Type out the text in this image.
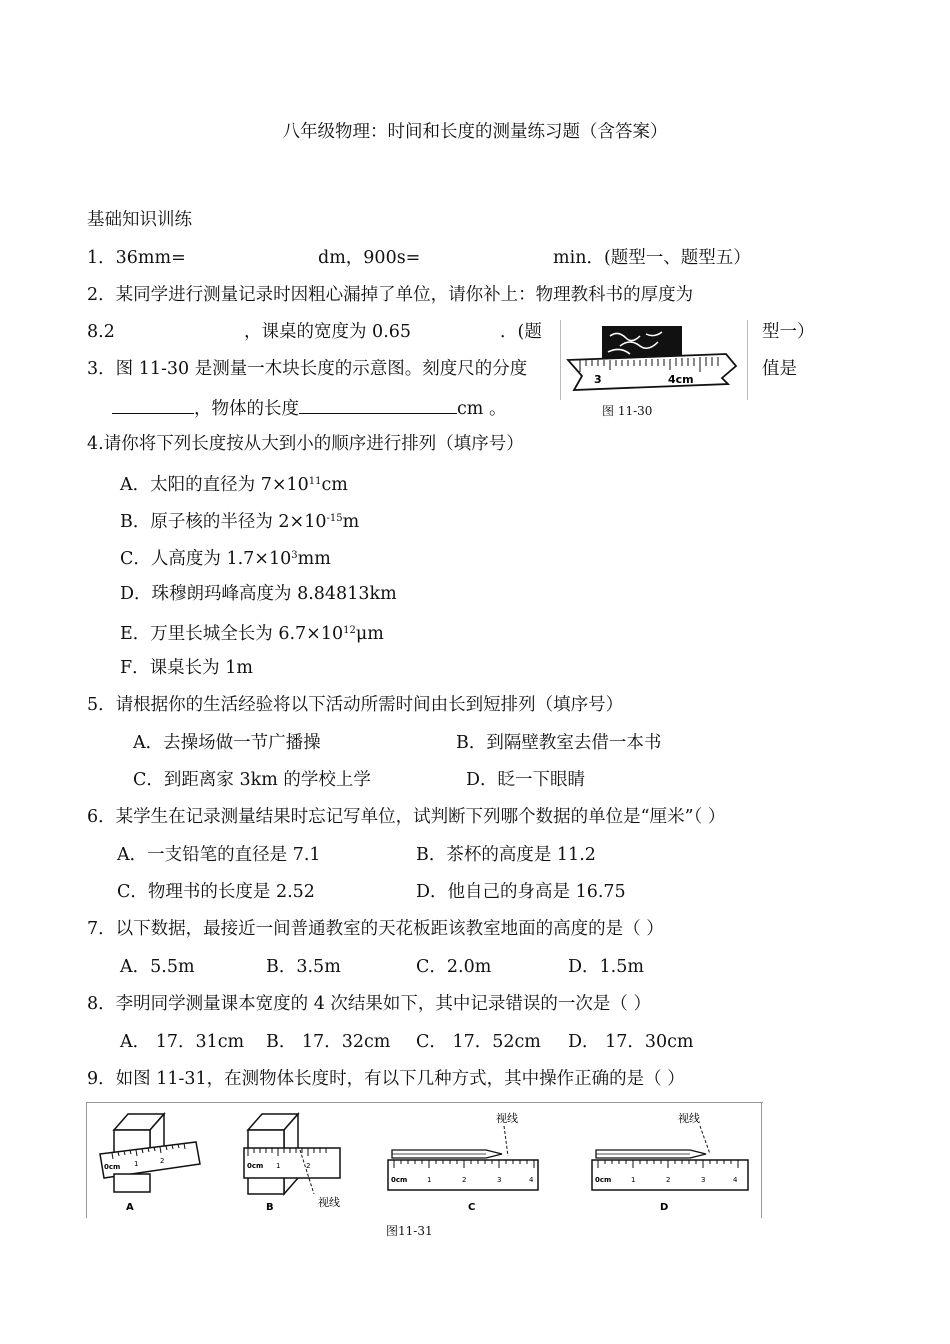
八年级物理：时间和长度的测量练习题（含答案）
基础知识训练
1．36mm=	dm，900s=	min．(题型一、题型五）
2．某同学进行测量记录时因粗心漏掉了单位，请你补上：物理教科书的厚度为
8.2	，课桌的宽度为 0.65	．(题	型一）
3．图 11-30 是测量一木块长度的示意图。刻度尺的分度	值是
，物体的长度	cm 。
3	4cm
图 11-30
4.请你将下列长度按从大到小的顺序进行排列（填序号）
A．太阳的直径为 $7\times 10^{11}cm$
B．原子核的半径为 $2\times 10^{-15}m$
C．人高度为 $1.7\times 10^3mm$
D．珠穆朗玛峰高度为 8.84813km
E．万里长城全长为 $6.7\times 10^{12}\mu m$
F．课桌长为 1m
5．请根据你的生活经验将以下活动所需时间由长到短排列（填序号）
A．去操场做一节广播操	B．到隔壁教室去借一本书
C．到距离家 3km 的学校上学	D．眨一下眼睛
6．某学生在记录测量结果时忘记写单位，试判断下列哪个数据的单位是“厘米”（ ）
A．一支铅笔的直径是 7.1	B．茶杯的高度是 11.2
C．物理书的长度是 2.52	D．他自己的身高是 16.75
7．以下数据，最接近一间普通教室的天花板距该教室地面的高度的是（ ）
A．5.5m	B．3.5m	C．2.0m	D．1.5m
8．李明同学测量课本宽度的 4 次结果如下，其中记录错误的一次是（ ）
A． 17．31cm B． 17．32cm C． 17．52cm D． 17．30cm
9．如图 11-31，在测物体长度时，有以下几种方式，其中操作正确的是（ ）
0cm 1	2
A
0cm 1	2
视线
B
视线
0cm	1	2	3	4
C
视线
0cm	1	2	3	4
D
图11-31
